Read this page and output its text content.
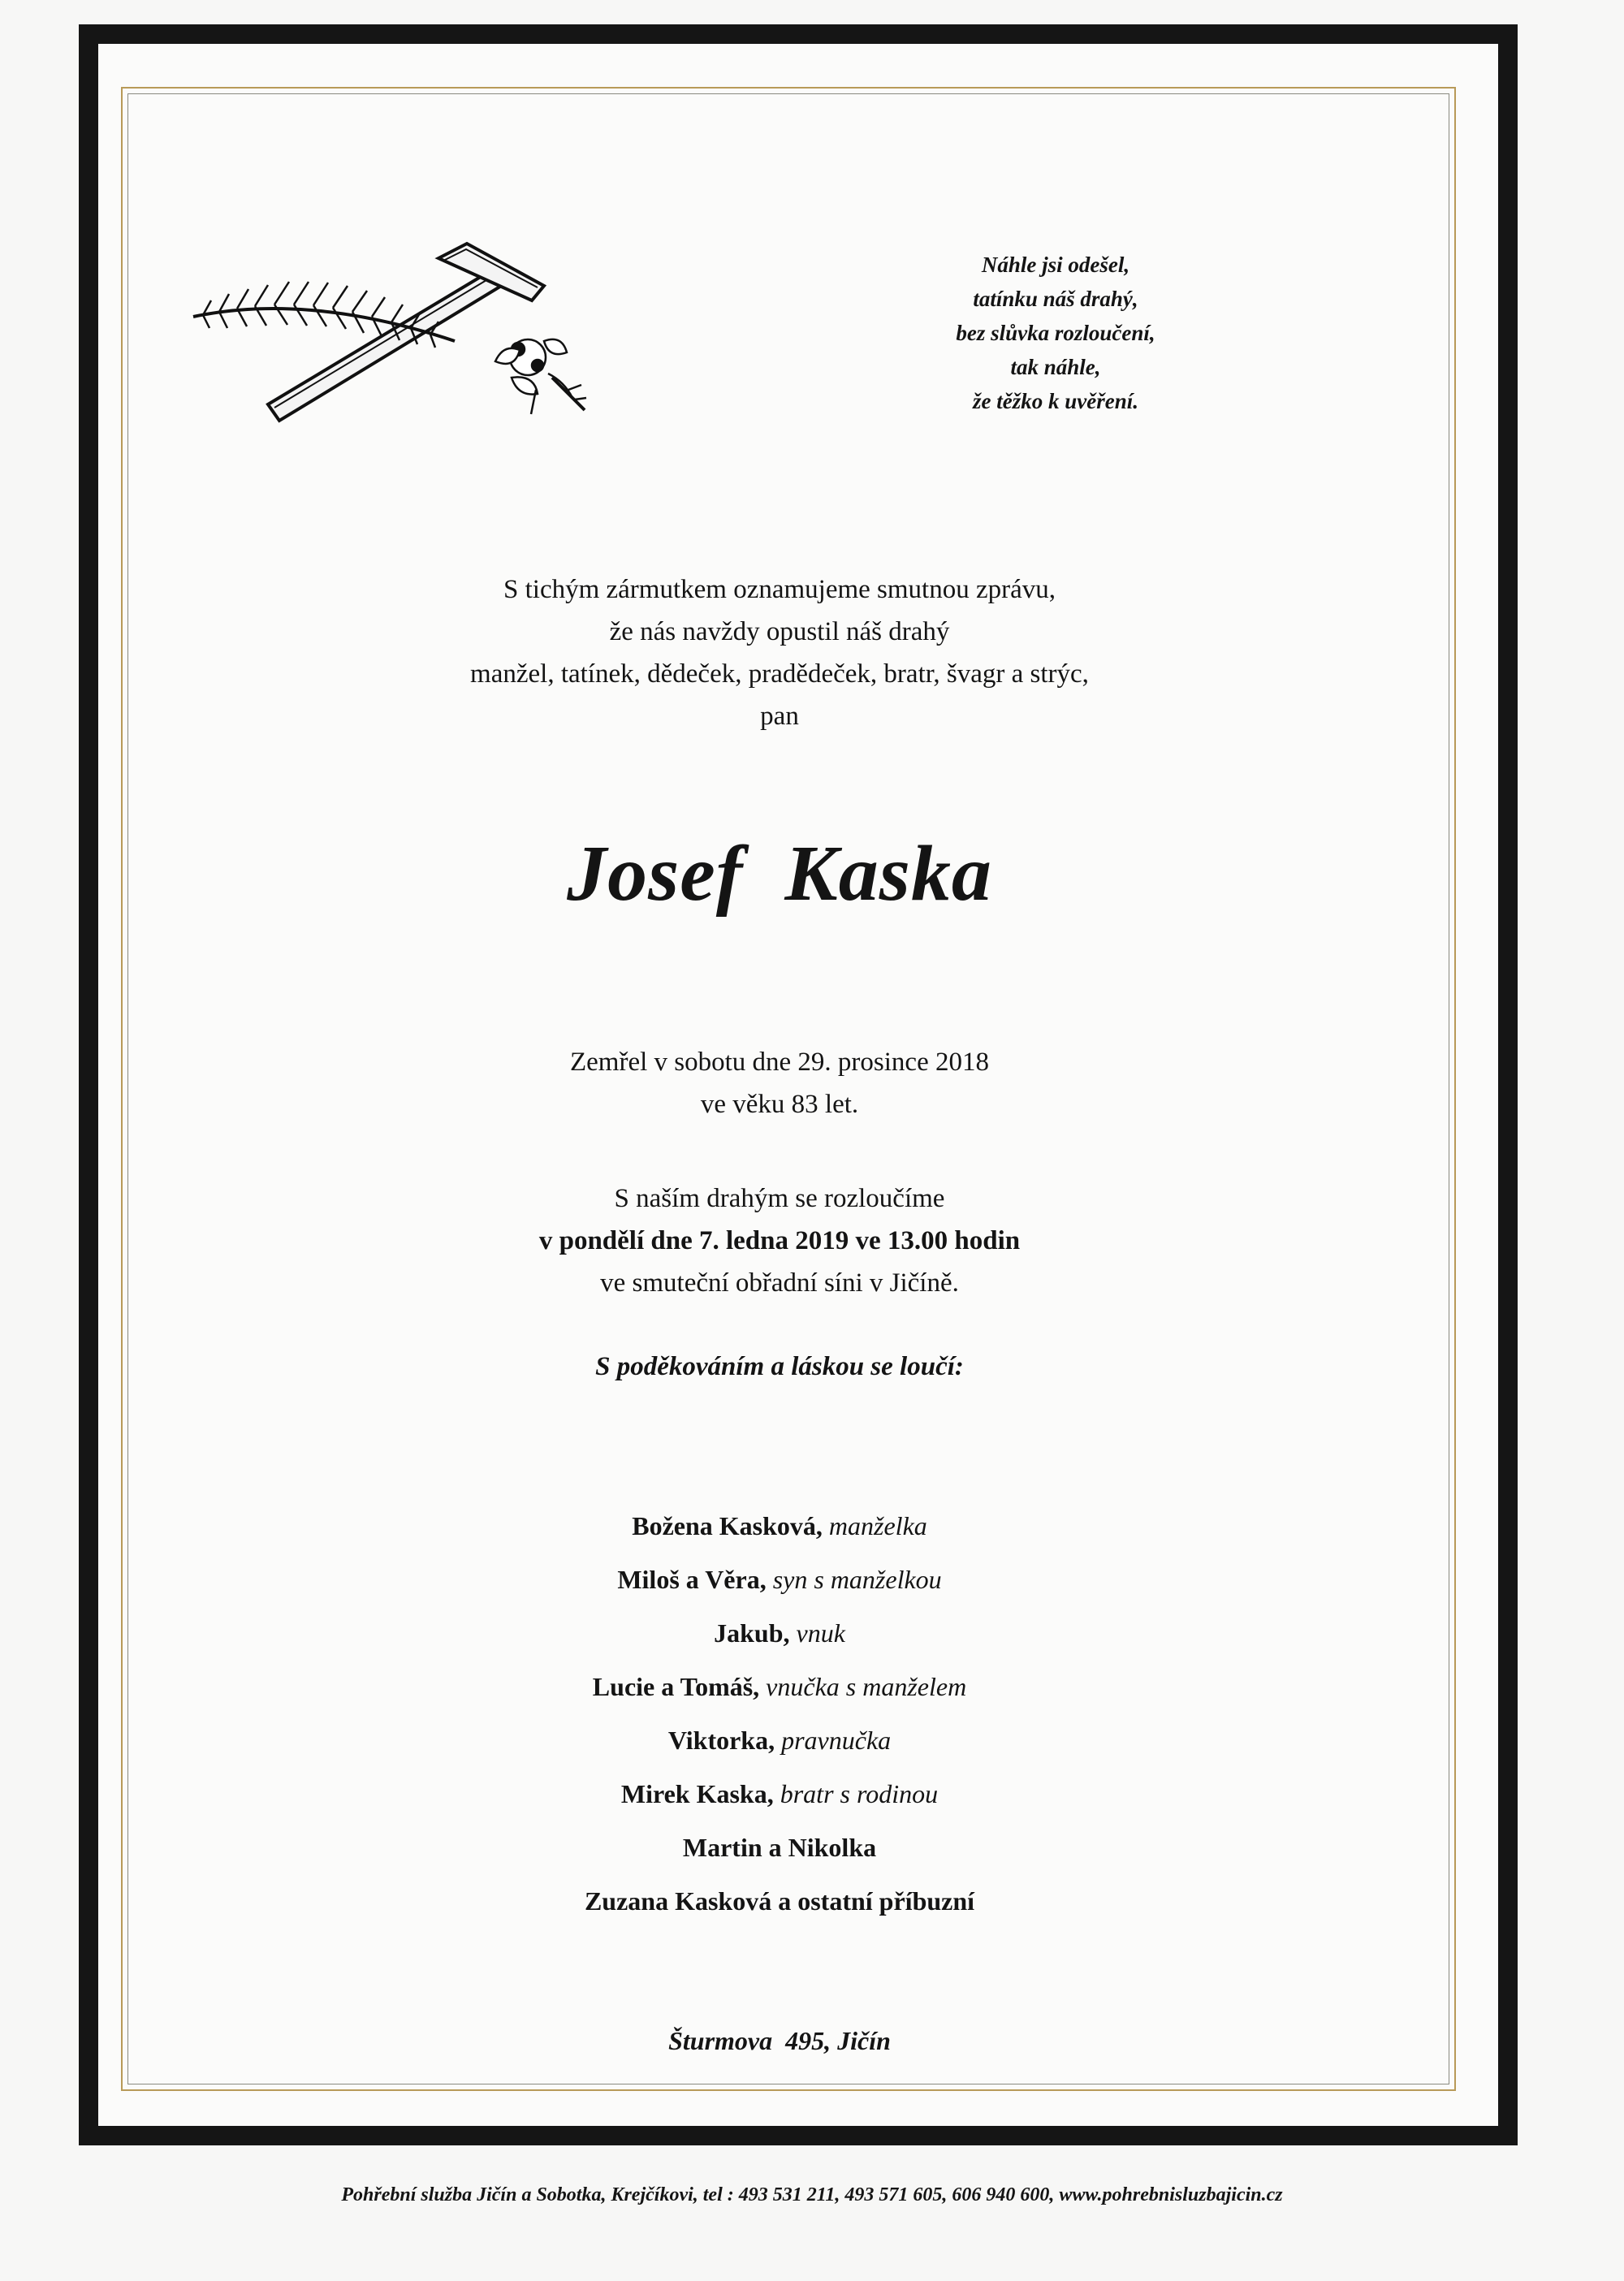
Náhle jsi odešel,
tatínku náš drahý,
bez slůvka rozloučení,
tak náhle,
že těžko k uvěření.
S tichým zármutkem oznamujeme smutnou zprávu,
že nás navždy opustil náš drahý
manžel, tatínek, dědeček, pradědeček, bratr, švagr a strýc,
pan
Josef  Kaska
Zemřel v sobotu dne 29. prosince 2018
ve věku 83 let.
S naším drahým se rozloučíme
v pondělí dne 7. ledna 2019 ve 13.00 hodin
ve smuteční obřadní síni v Jičíně.
S poděkováním a láskou se loučí:
Božena Kasková, manželka
Miloš a Věra, syn s manželkou
Jakub, vnuk
Lucie a Tomáš, vnučka s manželem
Viktorka, pravnučka
Mirek Kaska, bratr s rodinou
Martin a Nikolka
Zuzana Kasková a ostatní příbuzní
Šturmova  495, Jičín
Pohřební služba Jičín a Sobotka, Krejčíkovi, tel : 493 531 211, 493 571 605, 606 940 600, www.pohrebnisluzbajicin.cz
